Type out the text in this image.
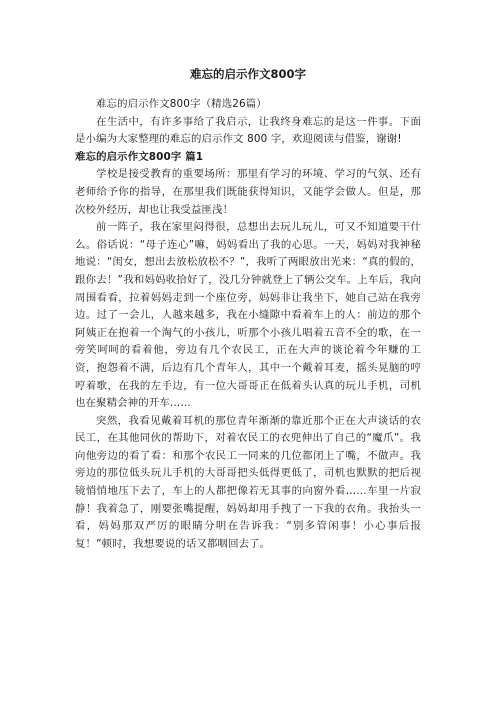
难忘的启示作文800字

难忘的启示作文800字（精选26篇）

在生活中，有许多事给了我启示，让我终身难忘的是这一件事。下面是小编为大家整理的难忘的启示作文 800 字，欢迎阅读与借鉴，谢谢!

难忘的启示作文800字 篇1

学校是接受教育的重要场所：那里有学习的环境、学习的气氛、还有老师给予你的指导，在那里我们既能获得知识，又能学会做人。但是，那次校外经历，却也让我受益匪浅！

前一阵子，我在家里闷得很，总想出去玩儿玩儿，可又不知道要干什么。俗话说：“母子连心”嘛，妈妈看出了我的心思。一天，妈妈对我神秘地说：“闺女，想出去放松放松不？”，我听了两眼放出光来：“真的假的，跟你去！”我和妈妈收拾好了，没几分钟就登上了辆公交车。上车后，我向周围看看，拉着妈妈走到一个座位旁，妈妈非让我坐下，她自己站在我旁边。过了一会儿，人越来越多，我在小缝隙中看着车上的人：前边的那个阿姨正在抱着一个淘气的小孩儿，听那个小孩儿唱着五音不全的歌，在一旁笑呵呵的看着他，旁边有几个农民工，正在大声的谈论着今年赚的工资，抱怨着不满，后边有几个青年人，其中一个戴着耳麦，摇头晃脑的哼哼着歌，在我的左手边，有一位大哥哥正在低着头认真的玩儿手机，司机也在聚精会神的开车……

突然，我看见戴着耳机的那位青年渐渐的靠近那个正在大声谈话的农民工，在其他同伙的帮助下，对着农民工的衣兜伸出了自己的“魔爪”。我向他旁边的看了看：和那个农民工一同来的几位都闭上了嘴，不做声。我旁边的那位低头玩儿手机的大哥哥把头低得更低了，司机也默默的把后视镜悄悄地压下去了，车上的人都把像若无其事的向窗外看……车里一片寂静！我着急了，刚要张嘴提醒，妈妈却用手拽了一下我的衣角。我抬头一看，妈妈那双严厉的眼睛分明在告诉我：“别多管闲事！小心事后报复！”顿时，我想要说的话又都咽回去了。
